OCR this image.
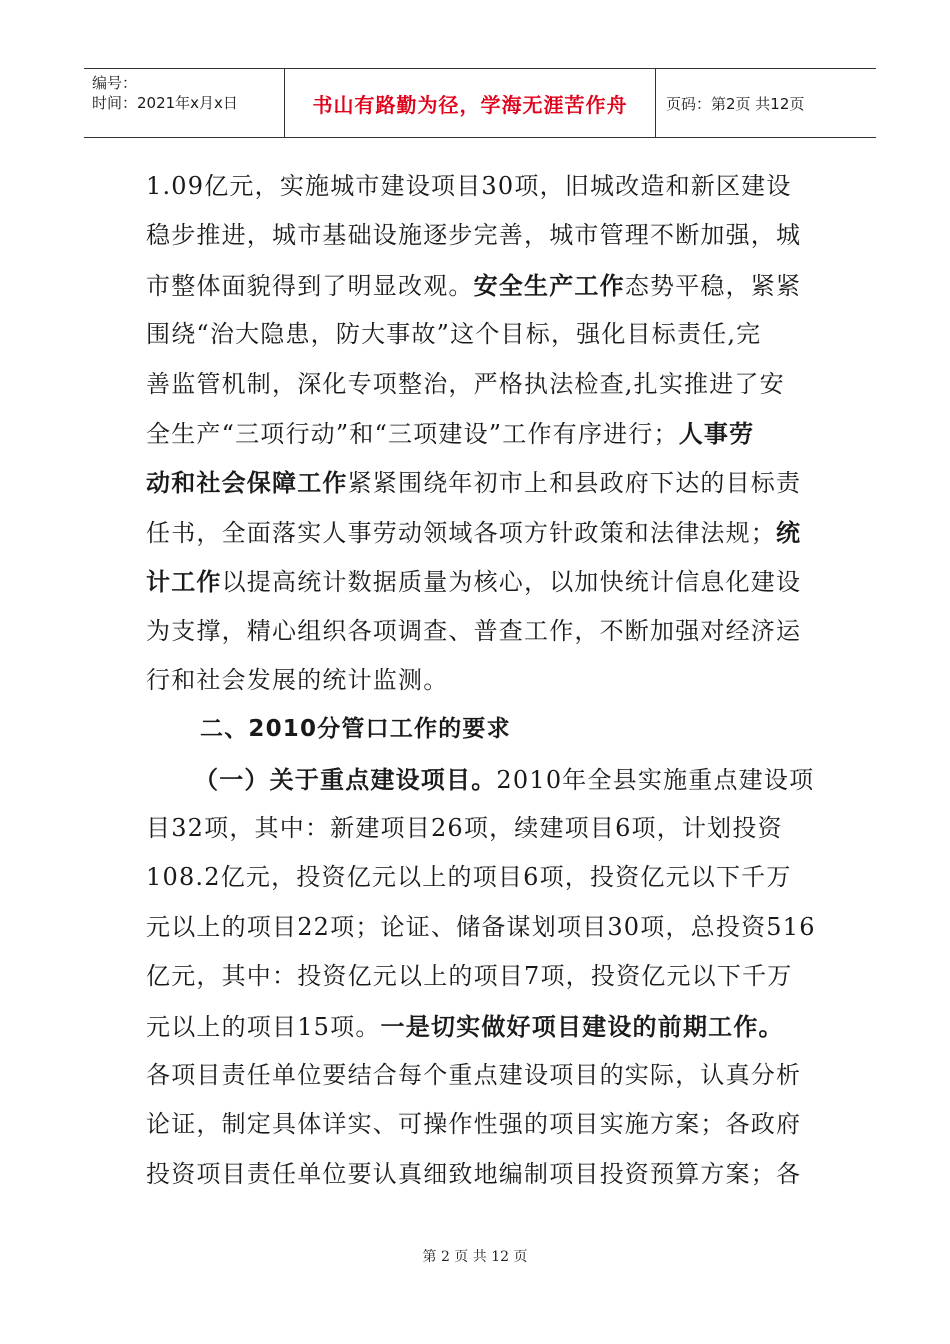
编号：
时间：2021年x月x日	书山有路勤为径，学海无涯苦作舟	页码：第2页 共12页
1.09亿元，实施城市建设项目30项，旧城改造和新区建设
稳步推进，城市基础设施逐步完善，城市管理不断加强，城
市整体面貌得到了明显改观。安全生产工作态势平稳，紧紧
围绕“治大隐患，防大事故”这个目标，强化目标责任,完
善监管机制，深化专项整治，严格执法检查,扎实推进了安
全生产“三项行动”和“三项建设”工作有序进行；人事劳
动和社会保障工作紧紧围绕年初市上和县政府下达的目标责
任书，全面落实人事劳动领域各项方针政策和法律法规；统
计工作以提高统计数据质量为核心，以加快统计信息化建设
为支撑，精心组织各项调查、普查工作，不断加强对经济运
行和社会发展的统计监测。
二、2010分管口工作的要求
（一）关于重点建设项目。2010年全县实施重点建设项
目32项，其中：新建项目26项，续建项目6项，计划投资
108.2亿元，投资亿元以上的项目6项，投资亿元以下千万
元以上的项目22项；论证、储备谋划项目30项，总投资516
亿元，其中：投资亿元以上的项目7项，投资亿元以下千万
元以上的项目15项。一是切实做好项目建设的前期工作。
各项目责任单位要结合每个重点建设项目的实际，认真分析
论证，制定具体详实、可操作性强的项目实施方案；各政府
投资项目责任单位要认真细致地编制项目投资预算方案；各
第 2 页 共 12 页
